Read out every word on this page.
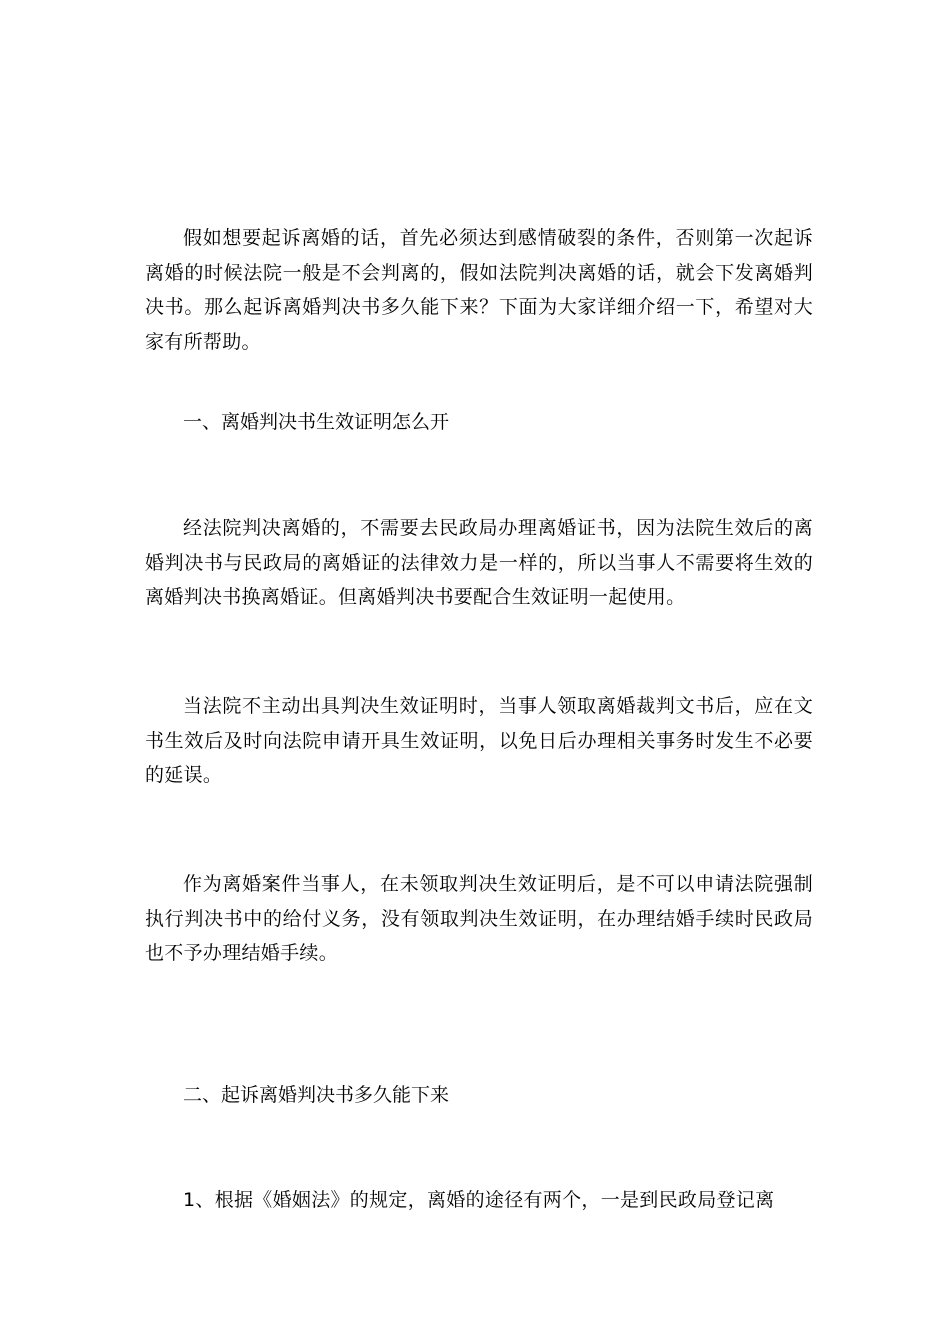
假如想要起诉离婚的话，首先必须达到感情破裂的条件，否则第一次起诉离婚的时候法院一般是不会判离的，假如法院判决离婚的话，就会下发离婚判决书。那么起诉离婚判决书多久能下来？下面为大家详细介绍一下，希望对大家有所帮助。

一、离婚判决书生效证明怎么开

经法院判决离婚的，不需要去民政局办理离婚证书，因为法院生效后的离婚判决书与民政局的离婚证的法律效力是一样的，所以当事人不需要将生效的离婚判决书换离婚证。但离婚判决书要配合生效证明一起使用。

当法院不主动出具判决生效证明时，当事人领取离婚裁判文书后，应在文书生效后及时向法院申请开具生效证明，以免日后办理相关事务时发生不必要的延误。

作为离婚案件当事人，在未领取判决生效证明后，是不可以申请法院强制执行判决书中的给付义务，没有领取判决生效证明，在办理结婚手续时民政局也不予办理结婚手续。

二、起诉离婚判决书多久能下来

1、根据《婚姻法》的规定，离婚的途径有两个，一是到民政局登记离
